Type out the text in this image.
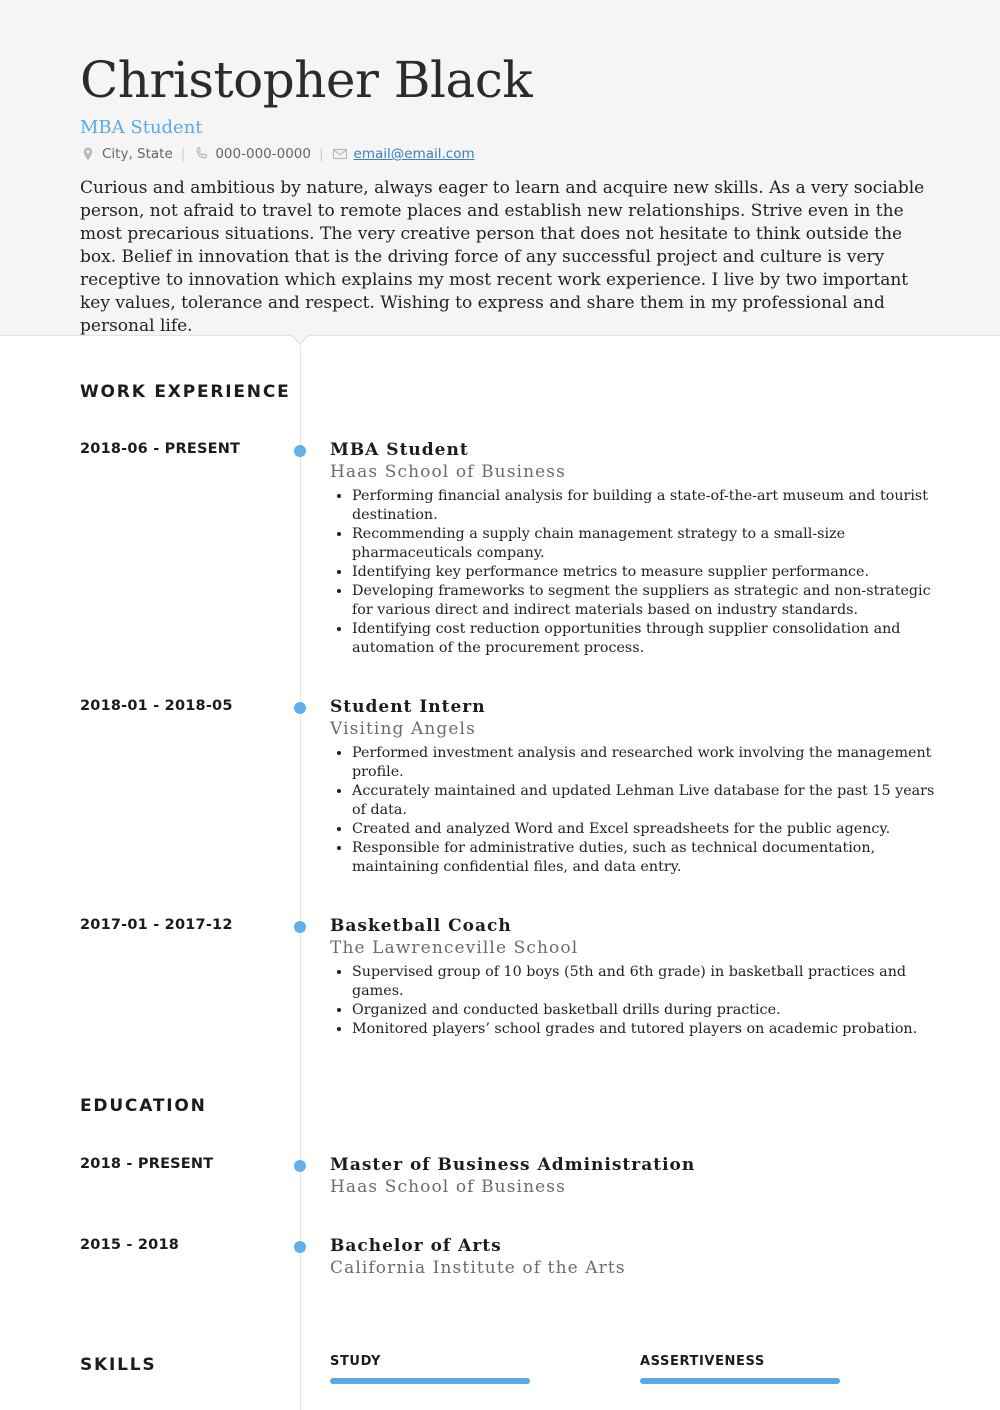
Christopher Black
MBA Student
City, State | 000-000-0000 | email@email.com

Curious and ambitious by nature, always eager to learn and acquire new skills. As a very sociable person, not afraid to travel to remote places and establish new relationships. Strive even in the most precarious situations. The very creative person that does not hesitate to think outside the box. Belief in innovation that is the driving force of any successful project and culture is very receptive to innovation which explains my most recent work experience. I live by two important key values, tolerance and respect. Wishing to express and share them in my professional and personal life.

WORK EXPERIENCE
2018-06 - PRESENT	MBA Student
Haas School of Business
• Performing financial analysis for building a state-of-the-art museum and tourist destination.
• Recommending a supply chain management strategy to a small-size pharmaceuticals company.
• Identifying key performance metrics to measure supplier performance.
• Developing frameworks to segment the suppliers as strategic and non-strategic for various direct and indirect materials based on industry standards.
• Identifying cost reduction opportunities through supplier consolidation and automation of the procurement process.
2018-01 - 2018-05	Student Intern
Visiting Angels
• Performed investment analysis and researched work involving the management profile.
• Accurately maintained and updated Lehman Live database for the past 15 years of data.
• Created and analyzed Word and Excel spreadsheets for the public agency.
• Responsible for administrative duties, such as technical documentation, maintaining confidential files, and data entry.
2017-01 - 2017-12	Basketball Coach
The Lawrenceville School
• Supervised group of 10 boys (5th and 6th grade) in basketball practices and games.
• Organized and conducted basketball drills during practice.
• Monitored players’ school grades and tutored players on academic probation.
EDUCATION
2018 - PRESENT	Master of Business Administration
Haas School of Business
2015 - 2018	Bachelor of Arts
California Institute of the Arts
SKILLS	STUDY	ASSERTIVENESS
